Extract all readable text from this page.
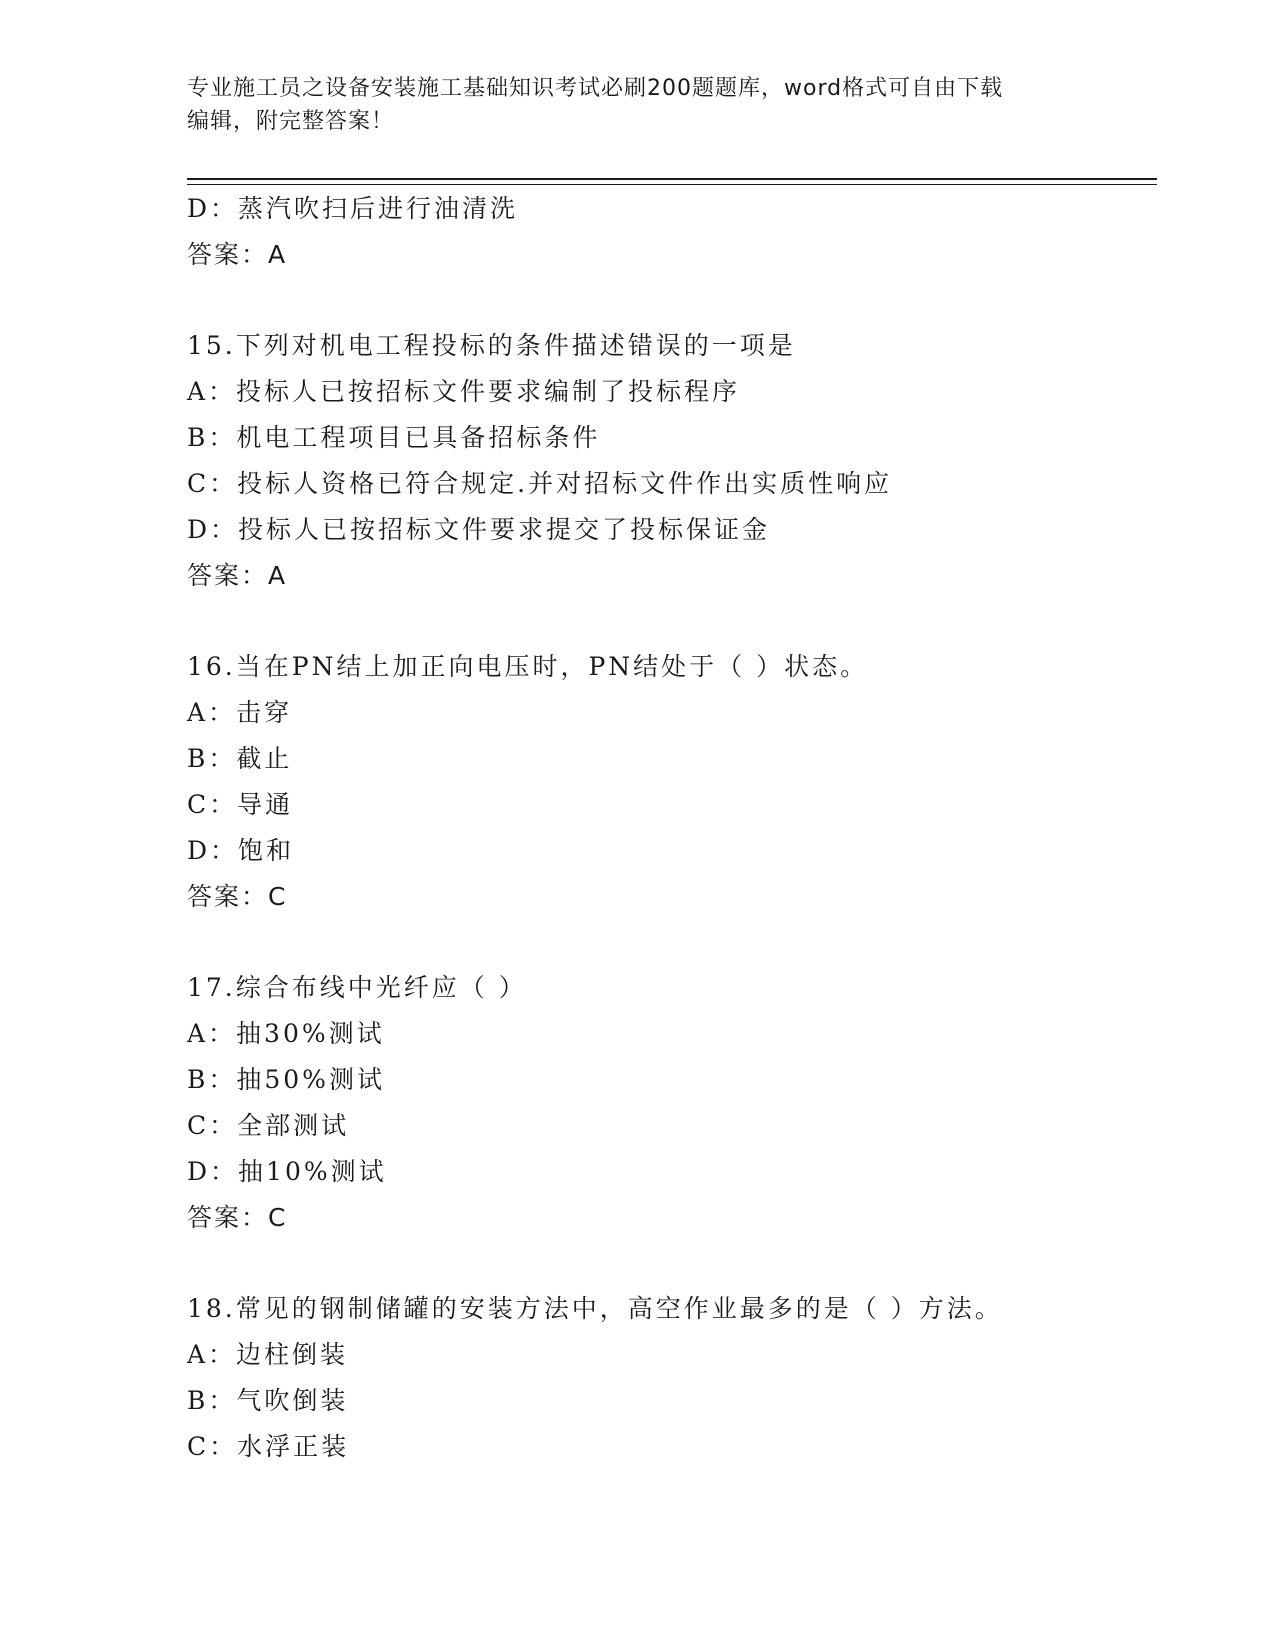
专业施工员之设备安装施工基础知识考试必刷200题题库，word格式可自由下载
编辑，附完整答案！
D：蒸汽吹扫后进行油清洗
答案：A
15.下列对机电工程投标的条件描述错误的一项是
A：投标人已按招标文件要求编制了投标程序
B：机电工程项目已具备招标条件
C：投标人资格已符合规定.并对招标文件作出实质性响应
D：投标人已按招标文件要求提交了投标保证金
答案：A
16.当在PN结上加正向电压时，PN结处于（ ）状态。
A：击穿
B：截止
C：导通
D：饱和
答案：C
17.综合布线中光纤应（ ）
A：抽30%测试
B：抽50%测试
C：全部测试
D：抽10%测试
答案：C
18.常见的钢制储罐的安装方法中，高空作业最多的是（ ）方法。
A：边柱倒装
B：气吹倒装
C：水浮正装
